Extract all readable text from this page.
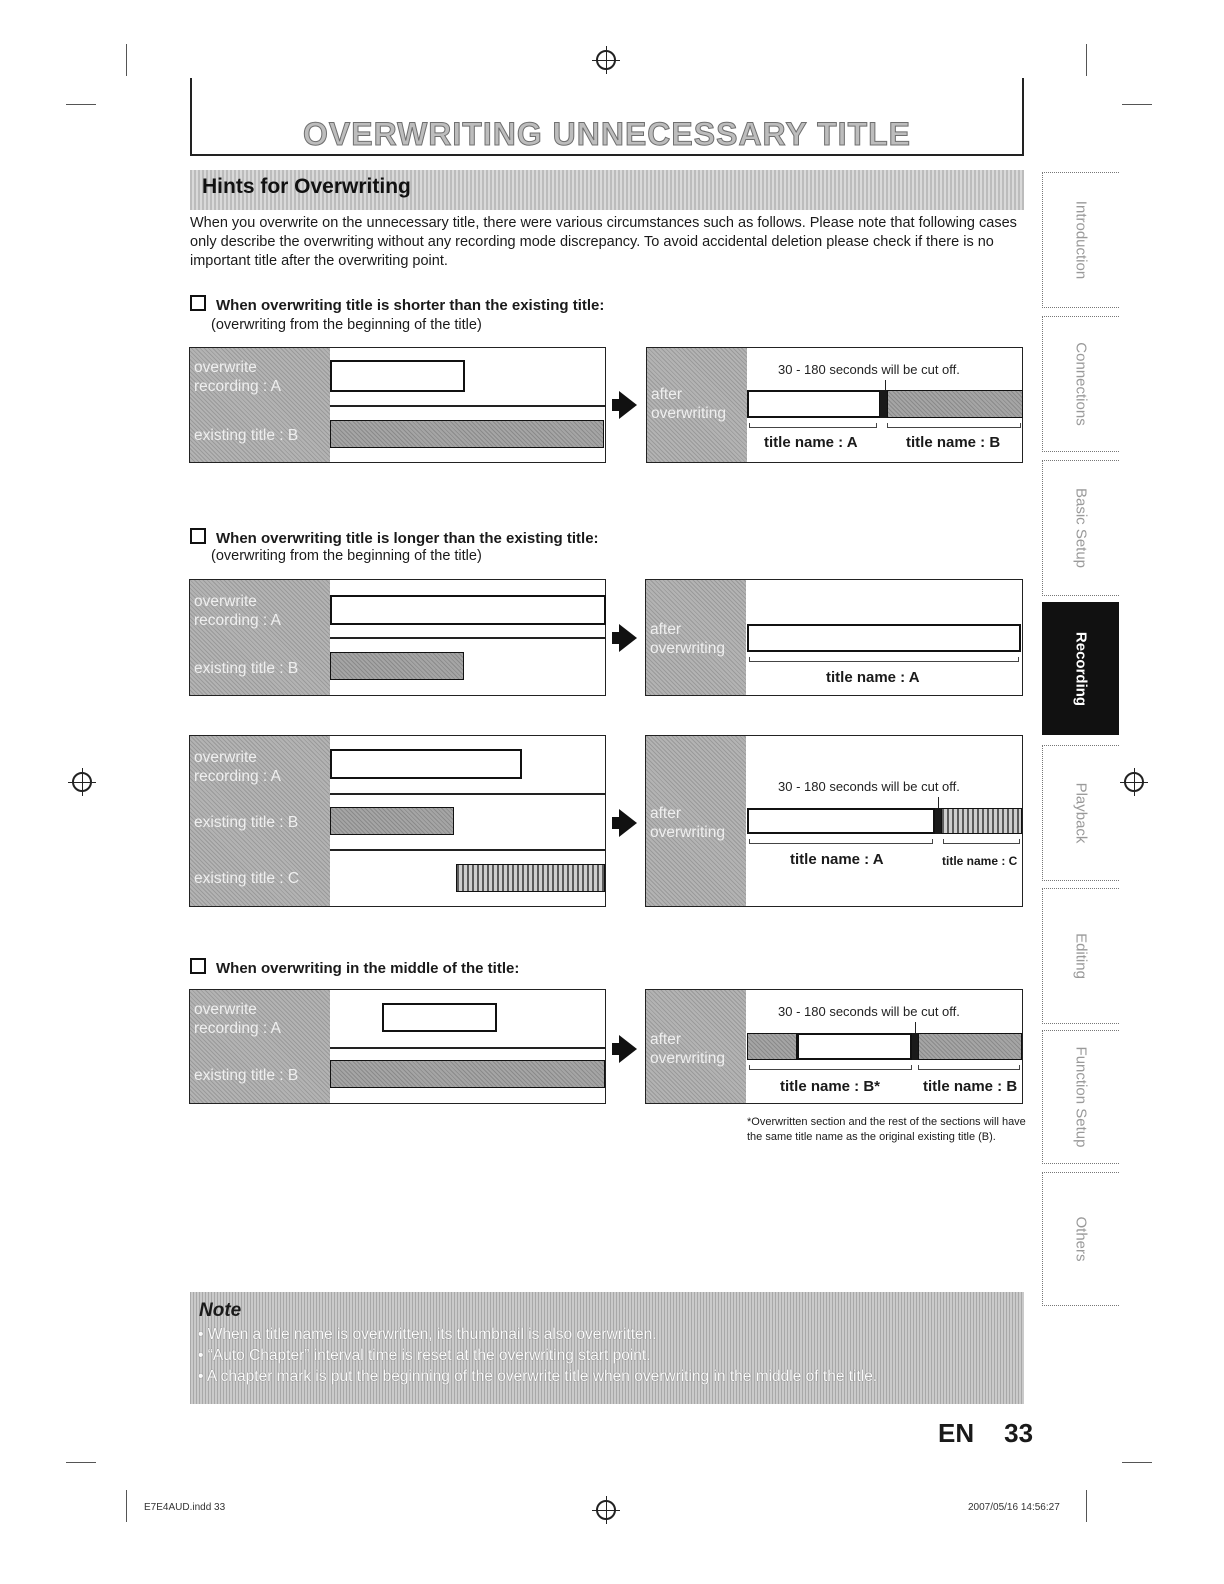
OVERWRITING UNNECESSARY TITLE
Hints for Overwriting
When you overwrite on the unnecessary title, there were various circumstances such as follows. Please note that following cases only describe the overwriting without any recording mode discrepancy. To avoid accidental deletion please check if there is no important title after the overwriting point.
When overwriting title is shorter than the existing title:
(overwriting from the beginning of the title)
overwrite
recording : A
existing title : B
after
overwriting
30 - 180 seconds will be cut off.
title name : A	title name : B
When overwriting title is longer than the existing title:
(overwriting from the beginning of the title)
overwrite
recording : A
existing title : B
after
overwriting
title name : A
overwrite
recording : A
existing title : B
existing title : C
after
overwriting
30 - 180 seconds will be cut off.
title name : A	title name : C
When overwriting in the middle of the title:
overwrite
recording : A
existing title : B
after
overwriting
30 - 180 seconds will be cut off.
title name : B*	title name : B
*Overwritten section and the rest of the sections will have the same title name as the original existing title (B).
Introduction
Connections
Basic Setup
Recording
Playback
Editing
Function Setup
Others
Note
• When a title name is overwritten, its thumbnail is also overwritten.
• “Auto Chapter” interval time is reset at the overwriting start point.
• A chapter mark is put the beginning of the overwrite title when overwriting in the middle of the title.
EN 33
E7E4AUD.indd 33	2007/05/16 14:56:27
